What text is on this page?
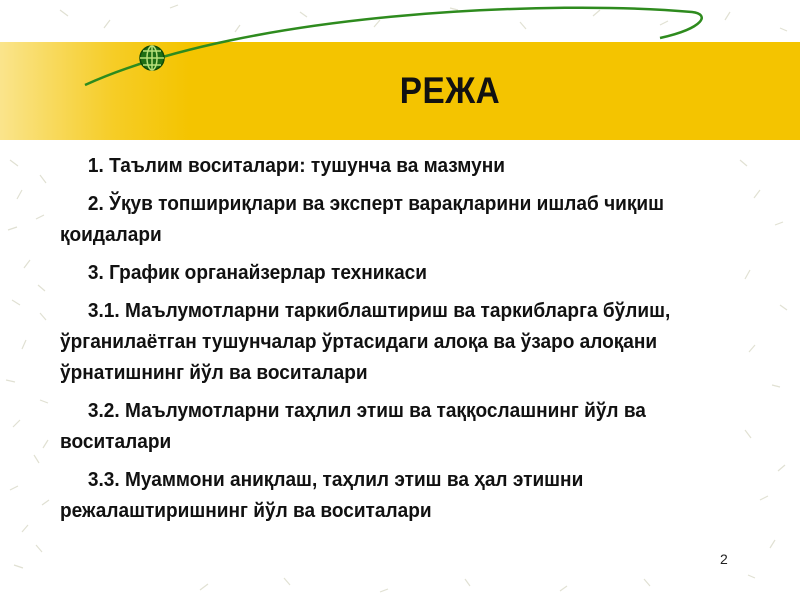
РЕЖА

1. Таълим воситалари: тушунча ва мазмуни

2. Ўқув топшириқлари ва эксперт варақларини ишлаб чиқиш қоидалари

3. График органайзерлар техникаси

3.1. Маълумотларни таркиблаштириш ва таркибларга бўлиш, ўрганилаётган тушунчалар ўртасидаги алоқа ва ўзаро алоқани ўрнатишнинг йўл ва воситалари

3.2. Маълумотларни таҳлил этиш ва таққослашнинг йўл ва воситалари

3.3. Муаммони аниқлаш, таҳлил этиш ва ҳал этишни режалаштиришнинг йўл ва воситалари

2
